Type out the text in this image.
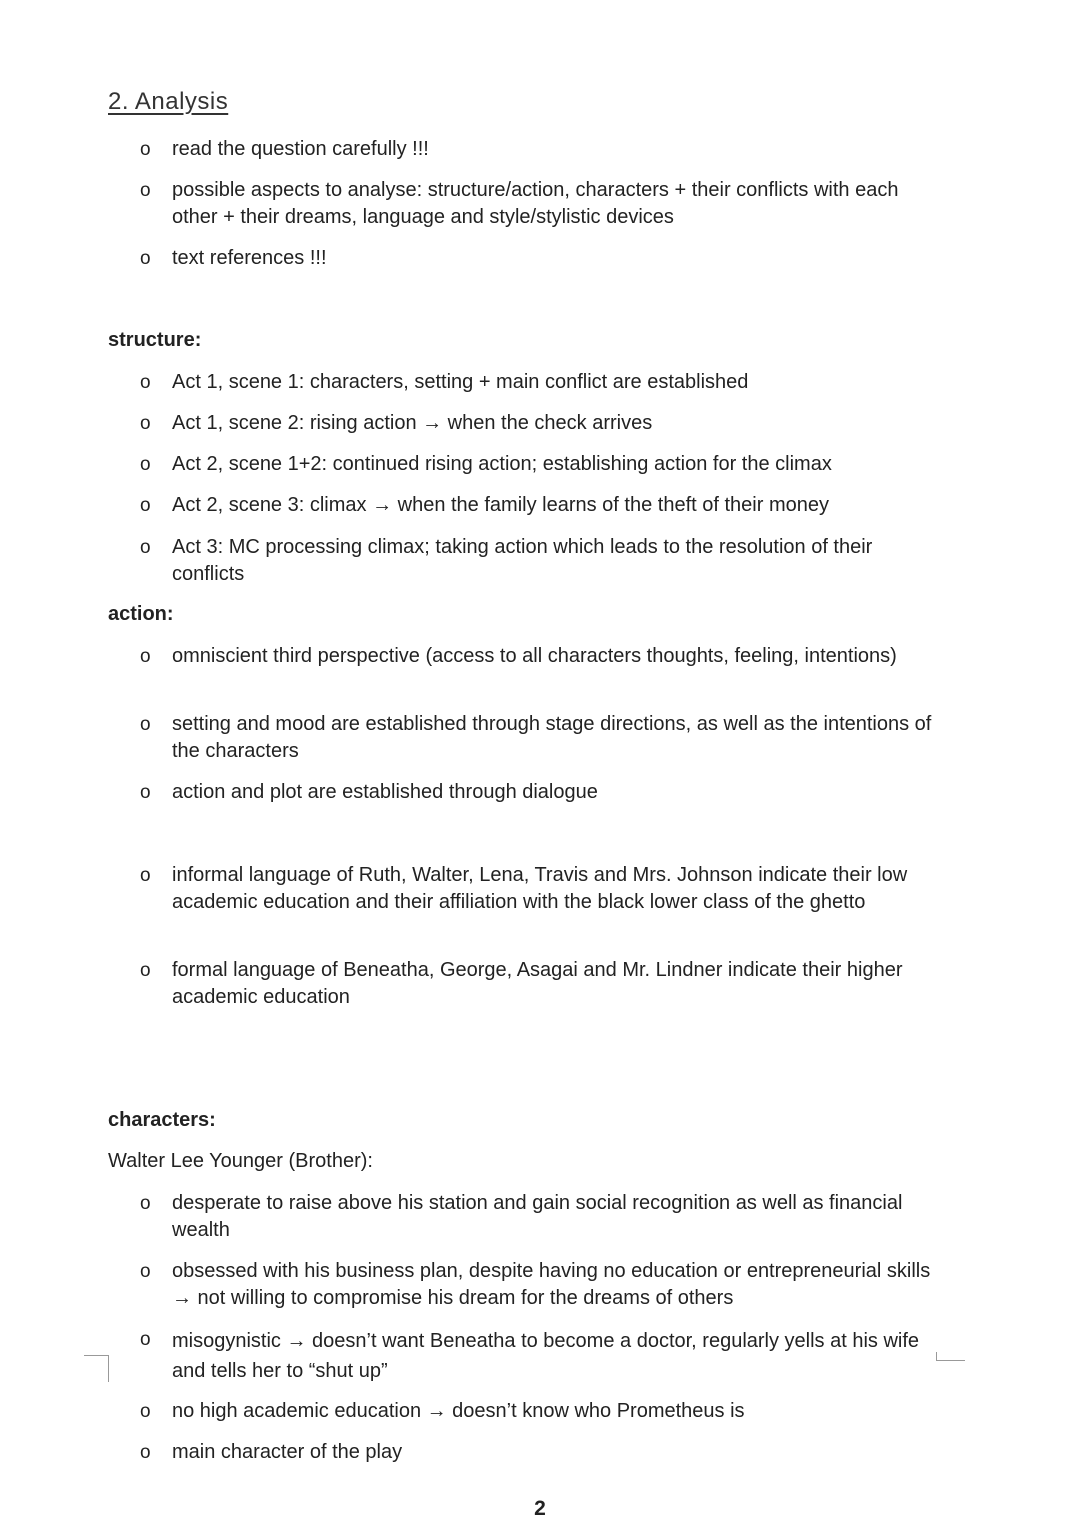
2. Analysis
o	read the question carefully !!!
o	possible aspects to analyse: structure/action, characters + their conflicts with each other + their dreams, language and style/stylistic devices
o	text references !!!
structure:
o	Act 1, scene 1: characters, setting + main conflict are established
o	Act 1, scene 2: rising action → when the check arrives
o	Act 2, scene 1+2: continued rising action; establishing action for the climax
o	Act 2, scene 3: climax → when the family learns of the theft of their money
o	Act 3: MC processing climax; taking action which leads to the resolution of their conflicts
action:
o	omniscient third perspective (access to all characters thoughts, feeling, intentions)
o	setting and mood are established through stage directions, as well as the intentions of the characters
o	action and plot are established through dialogue
o	informal language of Ruth, Walter, Lena, Travis and Mrs. Johnson indicate their low academic education and their affiliation with the black lower class of the ghetto
o	formal language of Beneatha, George, Asagai and Mr. Lindner indicate their higher academic education
characters:

Walter Lee Younger (Brother):

o	desperate to raise above his station and gain social recognition as well as financial wealth
o	obsessed with his business plan, despite having no education or entrepreneurial skills → not willing to compromise his dream for the dreams of others
o	misogynistic → doesn’t want Beneatha to become a doctor, regularly yells at his wife and tells her to “shut up”
o	no high academic education → doesn’t know who Prometheus is
o	main character of the play
2
